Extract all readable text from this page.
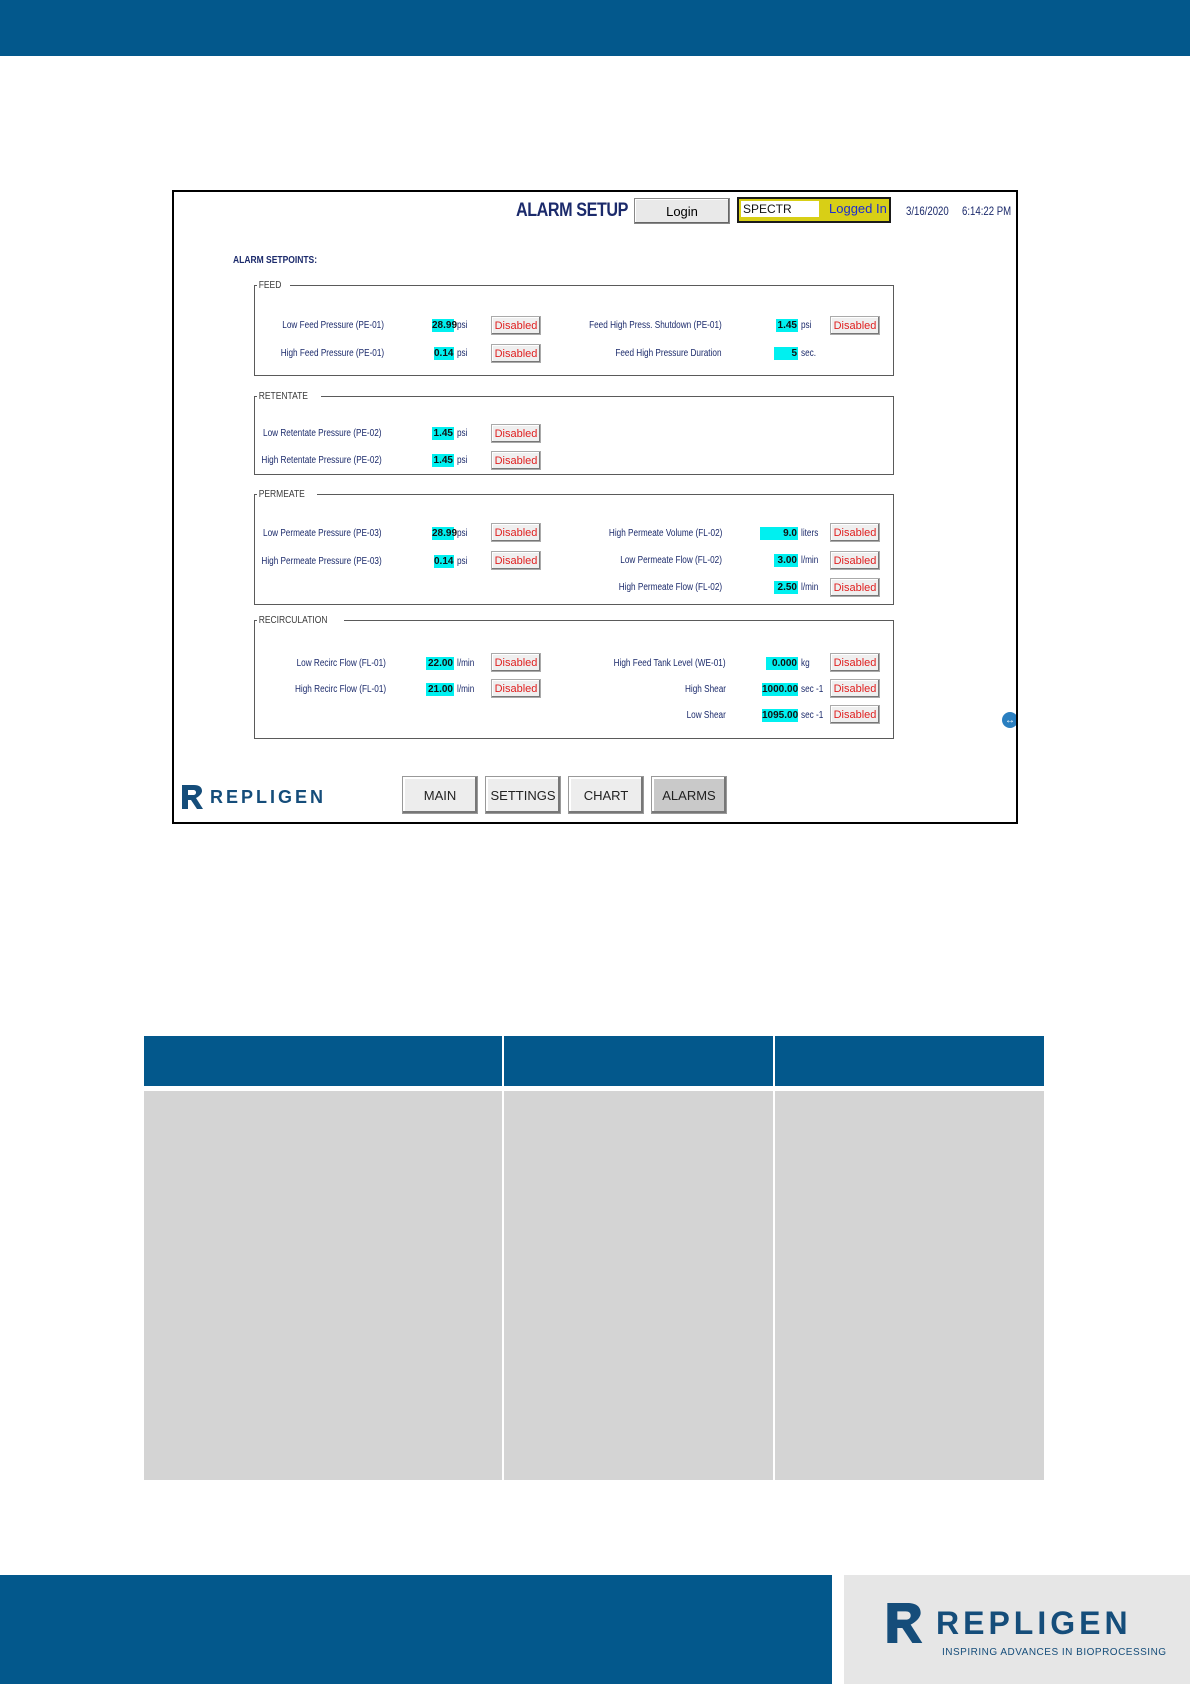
ALARM SETUP	Login	SPECTR	Logged In 3/16/2020 6:14:22 PM
ALARM SETPOINTS:
FEED
Low Feed Pressure (PE-01)	28.99 psi	Disabled
High Feed Pressure (PE-01)	0.14 psi	Disabled
Feed High Press. Shutdown (PE-01)	1.45 psi	Disabled
Feed High Pressure Duration	5 sec.
RETENTATE
Low Retentate Pressure (PE-02)	1.45 psi	Disabled
High Retentate Pressure (PE-02)	1.45 psi	Disabled
PERMEATE
Low Permeate Pressure (PE-03)	28.99 psi	Disabled
High Permeate Pressure (PE-03)	0.14 psi	Disabled
High Permeate Volume (FL-02)	9.0 liters	Disabled
Low Permeate Flow (FL-02)	3.00 l/min	Disabled
High Permeate Flow (FL-02)	2.50 l/min	Disabled
RECIRCULATION
Low Recirc Flow (FL-01)	22.00 l/min	Disabled
High Recirc Flow (FL-01)	21.00 l/min	Disabled
High Feed Tank Level (WE-01)	0.000 kg	Disabled
High Shear	1000.00 sec -1 Disabled
Low Shear	1095.00 sec -1 Disabled	↔
REPLIGEN	MAIN	SETTINGS	CHART	ALARMS
REPLIGEN
INSPIRING ADVANCES IN BIOPROCESSING
